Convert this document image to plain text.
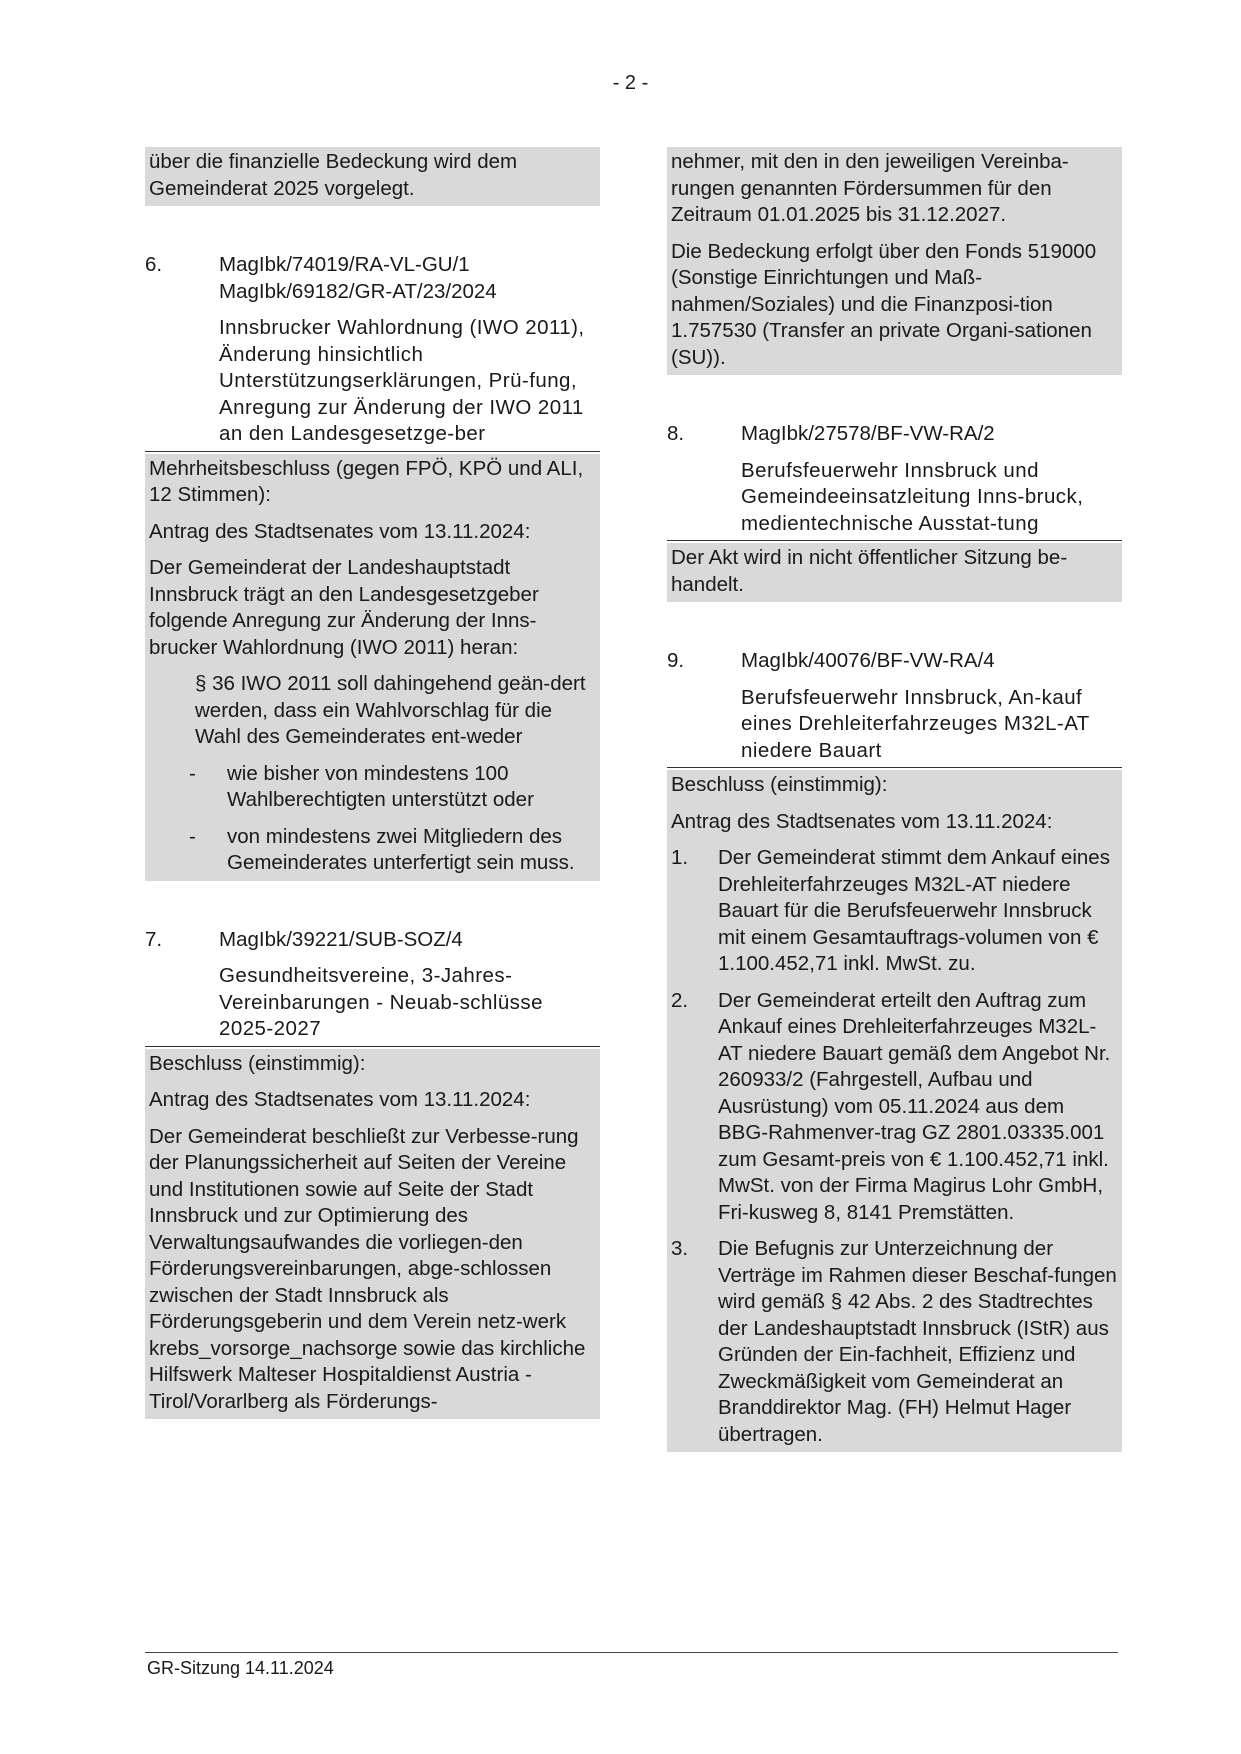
- 2 -

über die finanzielle Bedeckung wird dem Gemeinderat 2025 vorgelegt.

6.	MagIbk/74019/RA-VL-GU/1
MagIbk/69182/GR-AT/23/2024
Innsbrucker Wahlordnung (IWO 2011), Änderung hinsichtlich Unterstützungserklärungen, Prü-fung, Anregung zur Änderung der IWO 2011 an den Landesgesetzge-ber

Mehrheitsbeschluss (gegen FPÖ, KPÖ und ALI, 12 Stimmen):

Antrag des Stadtsenates vom 13.11.2024:

Der Gemeinderat der Landeshauptstadt Innsbruck trägt an den Landesgesetzgeber folgende Anregung zur Änderung der Inns-brucker Wahlordnung (IWO 2011) heran:

§ 36 IWO 2011 soll dahingehend geän-dert werden, dass ein Wahlvorschlag für die Wahl des Gemeinderates ent-weder
-	wie bisher von mindestens 100 Wahlberechtigten unterstützt oder
-	von mindestens zwei Mitgliedern des Gemeinderates unterfertigt sein muss.
7.	MagIbk/39221/SUB-SOZ/4
Gesundheitsvereine, 3-Jahres-Vereinbarungen - Neuab-schlüsse 2025-2027

Beschluss (einstimmig):

Antrag des Stadtsenates vom 13.11.2024:

Der Gemeinderat beschließt zur Verbesse-rung der Planungssicherheit auf Seiten der Vereine und Institutionen sowie auf Seite der Stadt Innsbruck und zur Optimierung des Verwaltungsaufwandes die vorliegen-den Förderungsvereinbarungen, abge-schlossen zwischen der Stadt Innsbruck als Förderungsgeberin und dem Verein netz-werk krebs_vorsorge_nachsorge sowie das kirchliche Hilfswerk Malteser Hospitaldienst Austria - Tirol/Vorarlberg als Förderungs-

nehmer, mit den in den jeweiligen Vereinba-rungen genannten Fördersummen für den Zeitraum 01.01.2025 bis 31.12.2027.

Die Bedeckung erfolgt über den Fonds 519000 (Sonstige Einrichtungen und Maß-nahmen/Soziales) und die Finanzposi-tion 1.757530 (Transfer an private Organi-sationen (SU)).

8.	MagIbk/27578/BF-VW-RA/2
Berufsfeuerwehr Innsbruck und Gemeindeeinsatzleitung Inns-bruck, medientechnische Ausstat-tung

Der Akt wird in nicht öffentlicher Sitzung be-handelt.

9.	MagIbk/40076/BF-VW-RA/4
Berufsfeuerwehr Innsbruck, An-kauf eines Drehleiterfahrzeuges M32L-AT niedere Bauart

Beschluss (einstimmig):

Antrag des Stadtsenates vom 13.11.2024:

1.	Der Gemeinderat stimmt dem Ankauf eines Drehleiterfahrzeuges M32L-AT niedere Bauart für die Berufsfeuerwehr Innsbruck mit einem Gesamtauftrags-volumen von € 1.100.452,71 inkl. MwSt. zu.
2.	Der Gemeinderat erteilt den Auftrag zum Ankauf eines Drehleiterfahrzeuges M32L-AT niedere Bauart gemäß dem Angebot Nr. 260933/2 (Fahrgestell, Aufbau und Ausrüstung) vom 05.11.2024 aus dem BBG-Rahmenver-trag GZ 2801.03335.001 zum Gesamt-preis von € 1.100.452,71 inkl. MwSt. von der Firma Magirus Lohr GmbH, Fri-kusweg 8, 8141 Premstätten.
3.	Die Befugnis zur Unterzeichnung der Verträge im Rahmen dieser Beschaf-fungen wird gemäß § 42 Abs. 2 des Stadtrechtes der Landeshauptstadt Innsbruck (IStR) aus Gründen der Ein-fachheit, Effizienz und Zweckmäßigkeit vom Gemeinderat an Branddirektor Mag. (FH) Helmut Hager übertragen.
GR-Sitzung 14.11.2024
